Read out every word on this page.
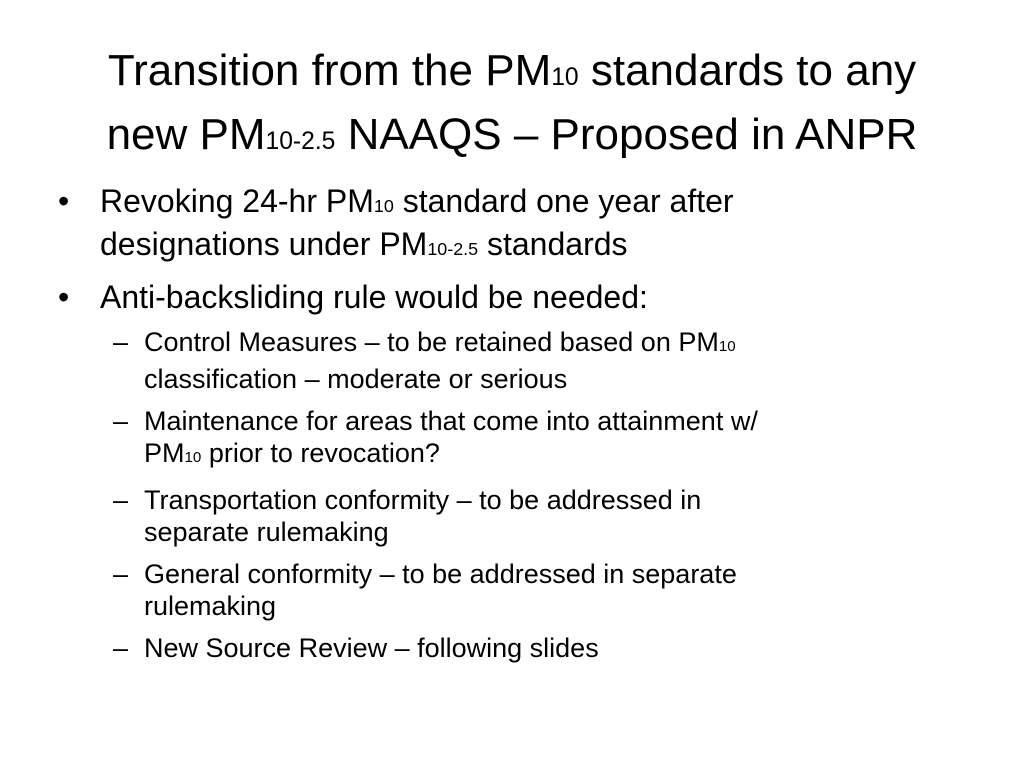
Transition from the PM10 standards to any
new PM10-2.5 NAAQS – Proposed in ANPR
• Revoking 24-hr PM10 standard one year after
designations under PM10-2.5 standards
• Anti-backsliding rule would be needed:
– Control Measures – to be retained based on PM10
classification – moderate or serious
– Maintenance for areas that come into attainment w/
PM10 prior to revocation?
– Transportation conformity – to be addressed in
separate rulemaking
– General conformity – to be addressed in separate
rulemaking
– New Source Review – following slides
